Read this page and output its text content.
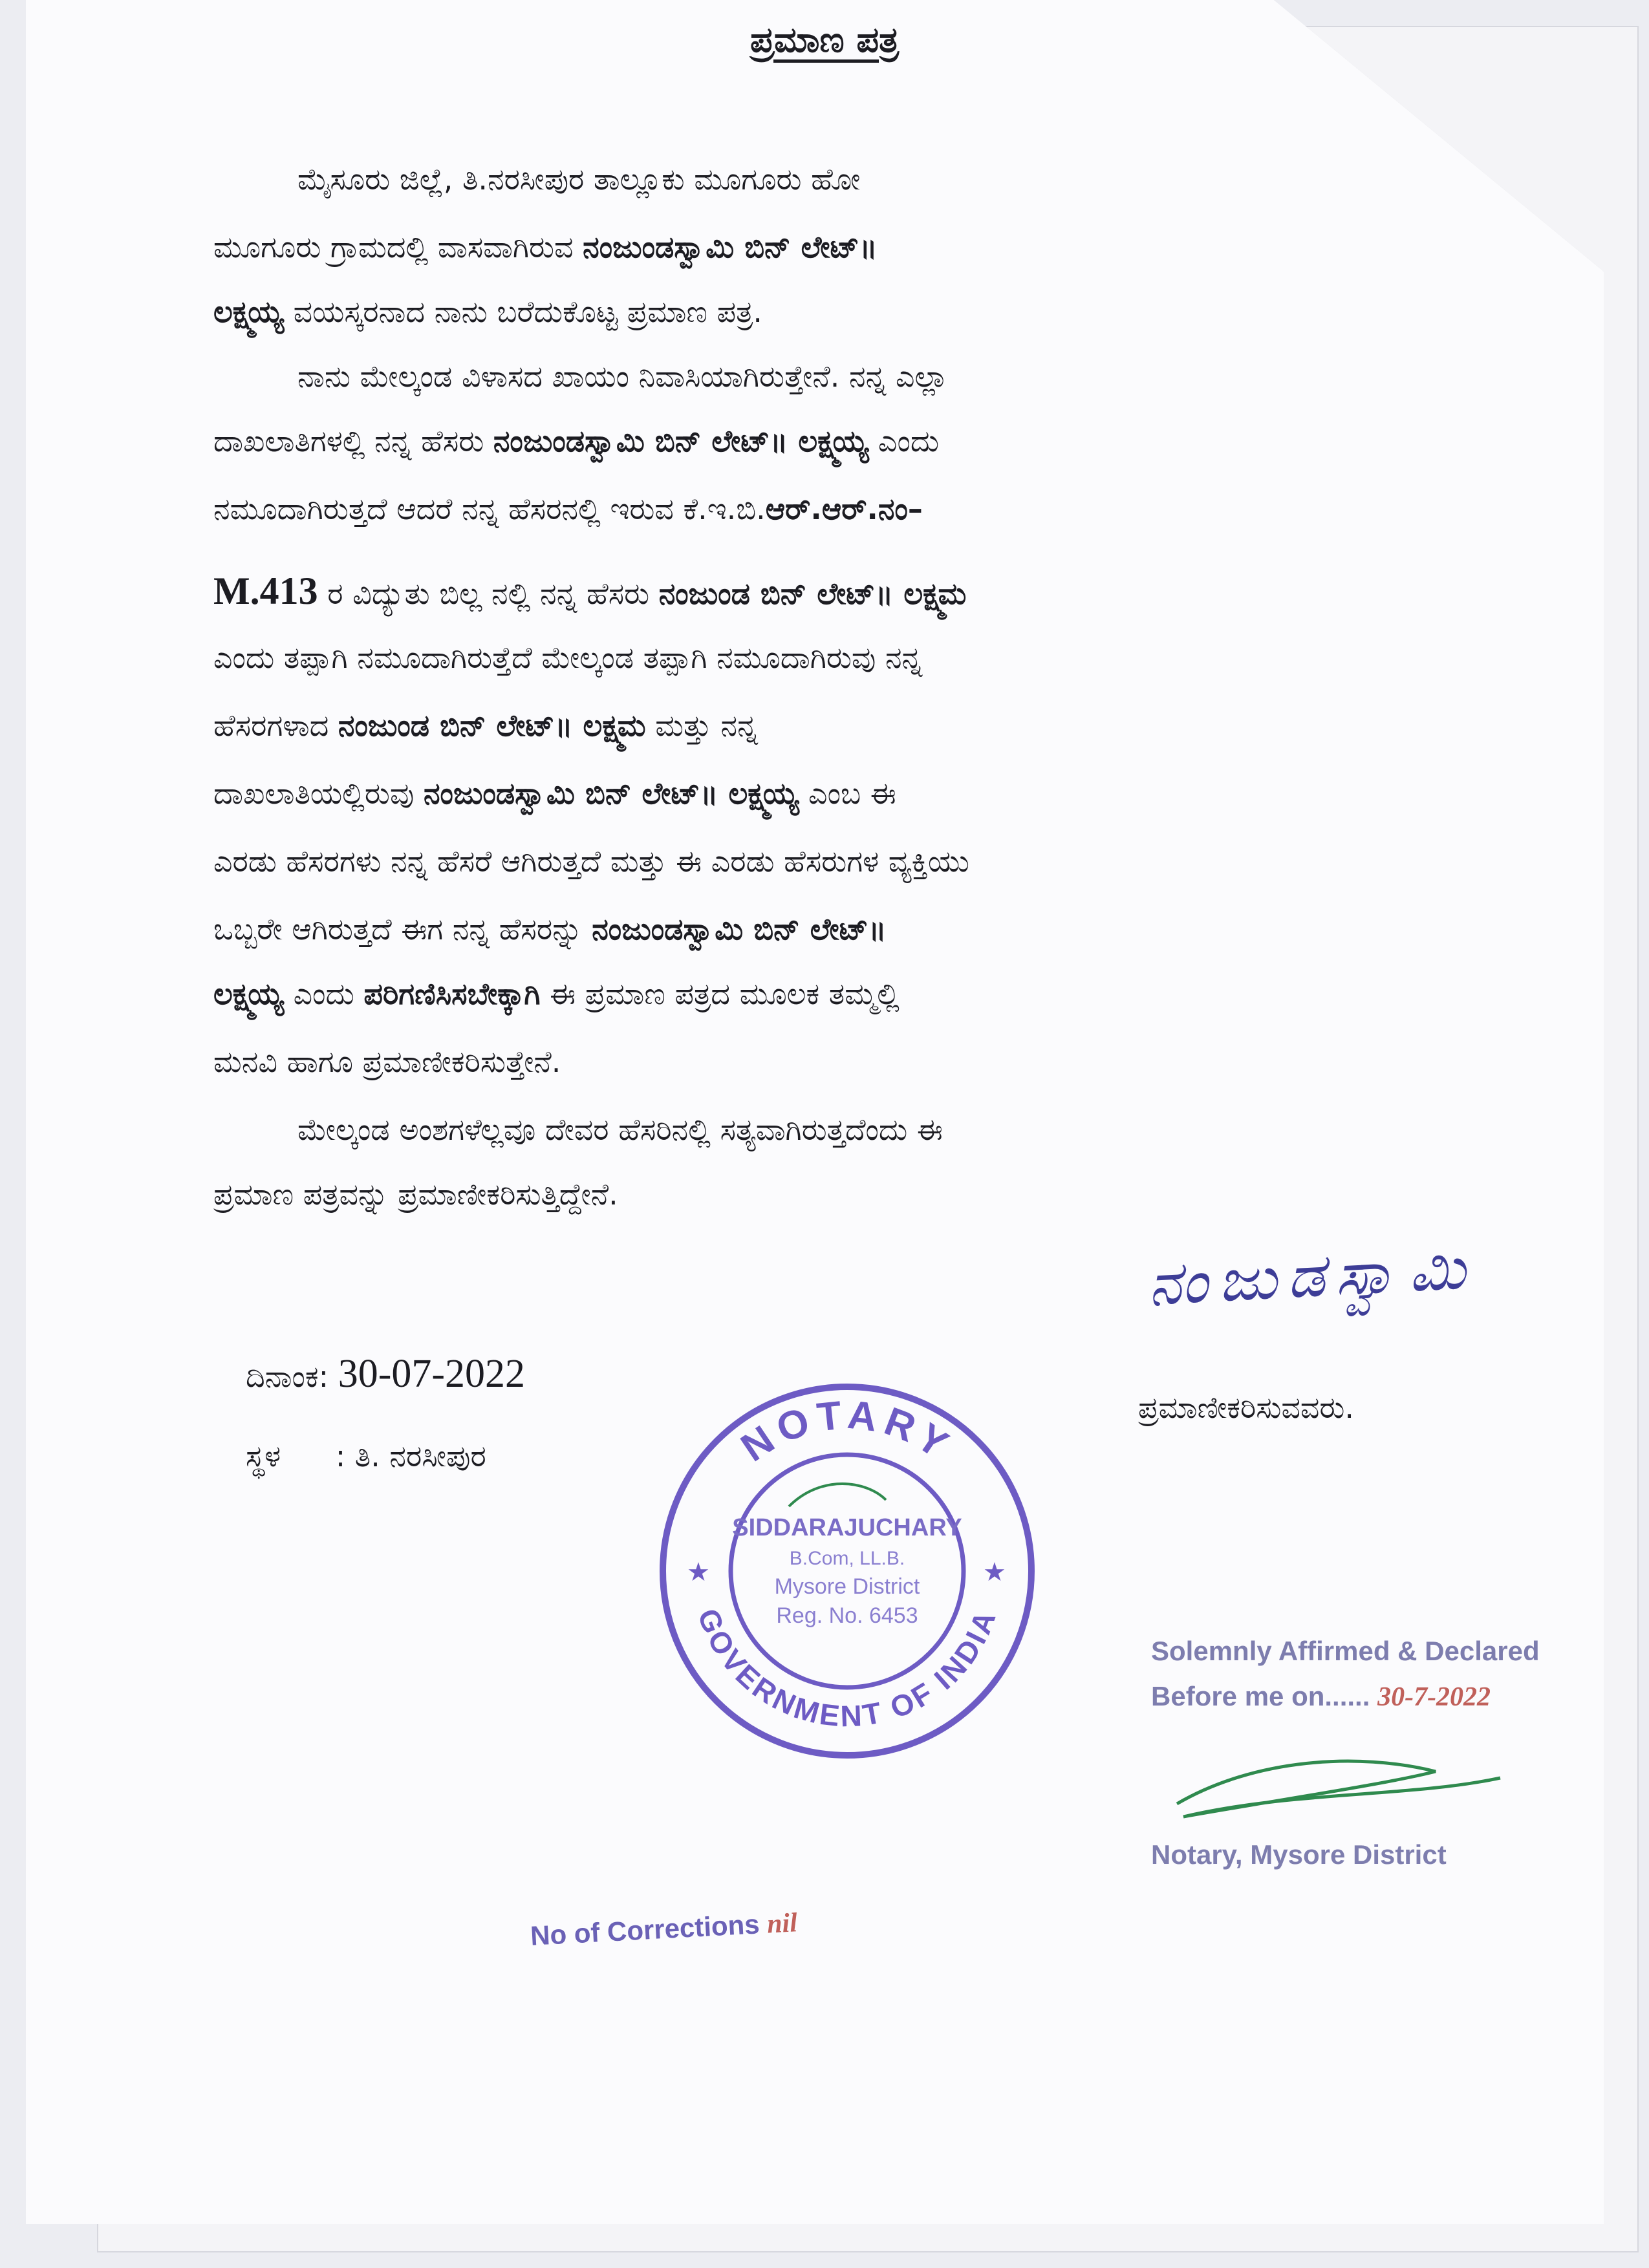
ಪ್ರಮಾಣ ಪತ್ರ
ಮೈಸೂರು ಜಿಲ್ಲೆ, ತಿ.ನರಸೀಪುರ ತಾಲ್ಲೂಕು ಮೂಗೂರು ಹೋ
ಮೂಗೂರು ಗ್ರಾಮದಲ್ಲಿ ವಾಸವಾಗಿರುವ ನಂಜುಂಡಸ್ವಾಮಿ ಬಿನ್ ಲೇಟ್॥
ಲಕ್ಷ್ಮಯ್ಯ ವಯಸ್ಕರನಾದ ನಾನು ಬರೆದುಕೊಟ್ಟ ಪ್ರಮಾಣ ಪತ್ರ.
ನಾನು ಮೇಲ್ಕಂಡ ವಿಳಾಸದ ಖಾಯಂ ನಿವಾಸಿಯಾಗಿರುತ್ತೇನೆ. ನನ್ನ ಎಲ್ಲಾ
ದಾಖಲಾತಿಗಳಲ್ಲಿ ನನ್ನ ಹೆಸರು ನಂಜುಂಡಸ್ವಾಮಿ ಬಿನ್ ಲೇಟ್॥ ಲಕ್ಷ್ಮಯ್ಯ ಎಂದು
ನಮೂದಾಗಿರುತ್ತದೆ ಆದರೆ ನನ್ನ ಹೆಸರನಲ್ಲಿ ಇರುವ ಕೆ.ಇ.ಬಿ.ಆರ್.ಆರ್.ನಂ–
M.413 ರ ವಿದ್ಯುತು ಬಿಲ್ಲ ನಲ್ಲಿ ನನ್ನ ಹೆಸರು ನಂಜುಂಡ ಬಿನ್ ಲೇಟ್॥ ಲಕ್ಷ್ಮಮ
ಎಂದು ತಪ್ಪಾಗಿ ನಮೂದಾಗಿರುತ್ತೆದೆ ಮೇಲ್ಕಂಡ ತಪ್ಪಾಗಿ ನಮೂದಾಗಿರುವು ನನ್ನ
ಹೆಸರಗಳಾದ ನಂಜುಂಡ ಬಿನ್ ಲೇಟ್॥ ಲಕ್ಷ್ಮಮ ಮತ್ತು ನನ್ನ
ದಾಖಲಾತಿಯಲ್ಲಿರುವು ನಂಜುಂಡಸ್ವಾಮಿ ಬಿನ್ ಲೇಟ್॥ ಲಕ್ಷ್ಮಯ್ಯ ಎಂಬ ಈ
ಎರಡು ಹೆಸರಗಳು ನನ್ನ ಹೆಸರೆ ಆಗಿರುತ್ತದೆ ಮತ್ತು ಈ ಎರಡು ಹೆಸರುಗಳ ವ್ಯಕ್ತಿಯು
ಒಬ್ಬರೇ ಆಗಿರುತ್ತದೆ ಈಗ ನನ್ನ ಹೆಸರನ್ನು ನಂಜುಂಡಸ್ವಾಮಿ ಬಿನ್ ಲೇಟ್॥
ಲಕ್ಷ್ಮಯ್ಯ ಎಂದು ಪರಿಗಣಿಸಿಸಬೇಕ್ಕಾಗಿ ಈ ಪ್ರಮಾಣ ಪತ್ರದ ಮೂಲಕ ತಮ್ಮಲ್ಲಿ
ಮನವಿ ಹಾಗೂ ಪ್ರಮಾಣೀಕರಿಸುತ್ತೇನೆ.
ಮೇಲ್ಕಂಡ ಅಂಶಗಳೆಲ್ಲವೂ ದೇವರ ಹೆಸರಿನಲ್ಲಿ ಸತ್ಯವಾಗಿರುತ್ತದೆಂದು ಈ
ಪ್ರಮಾಣ ಪತ್ರವನ್ನು ಪ್ರಮಾಣೀಕರಿಸುತ್ತಿದ್ದೇನೆ.
ನಂಜುಡಸ್ವಾಮಿ
ದಿನಾಂಕ: 30-07-2022
ಸ್ಥಳ : ತಿ. ನರಸೀಪುರ
ಪ್ರಮಾಣೀಕರಿಸುವವರು.
NOTARY
GOVERNMENT OF INDIA
★	★
SIDDARAJUCHARY
B.Com, LL.B.
Mysore District
Reg. No. 6453
Solemnly Affirmed & Declared
Before me on...... 30-7-2022
Notary, Mysore District
No of Corrections nil
